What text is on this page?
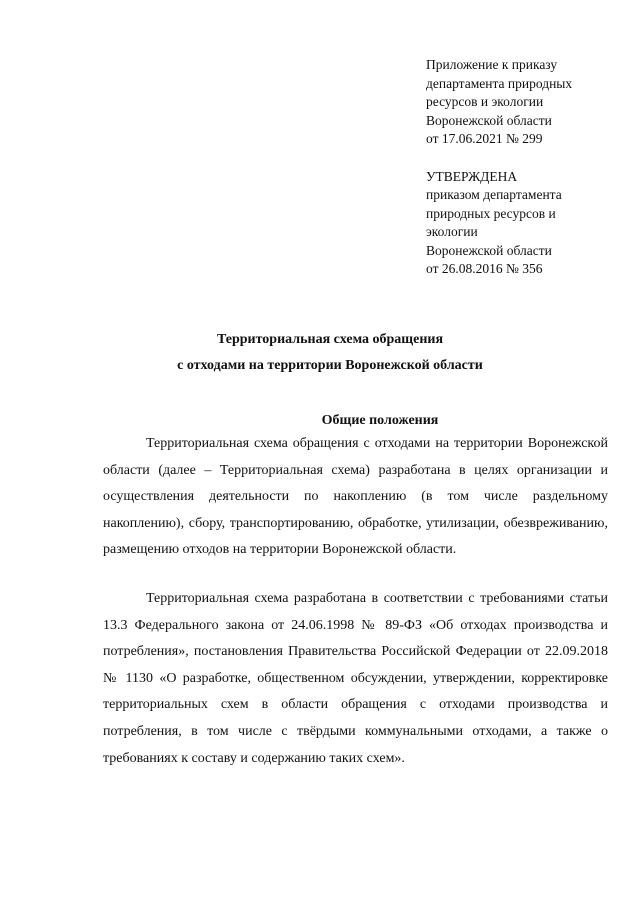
Приложение к приказу
департамента природных
ресурсов и экологии
Воронежской области
от 17.06.2021 № 299
УТВЕРЖДЕНА
приказом департамента
природных ресурсов и
экологии
Воронежской области
от 26.08.2016 № 356
Территориальная схема обращения
с отходами на территории Воронежской области
Общие положения

Территориальная схема обращения с отходами на территории Воронежской области (далее – Территориальная схема) разработана в целях организации и осуществления деятельности по накоплению (в том числе раздельному накоплению), сбору, транспортированию, обработке, утилизации, обезвреживанию, размещению отходов на территории Воронежской области.

Территориальная схема разработана в соответствии с требованиями статьи 13.3 Федерального закона от 24.06.1998 № 89-ФЗ «Об отходах производства и потребления», постановления Правительства Российской Федерации от 22.09.2018 № 1130 «О разработке, общественном обсуждении, утверждении, корректировке территориальных схем в области обращения с отходами производства и потребления, в том числе с твёрдыми коммунальными отходами, а также о требованиях к составу и содержанию таких схем».
